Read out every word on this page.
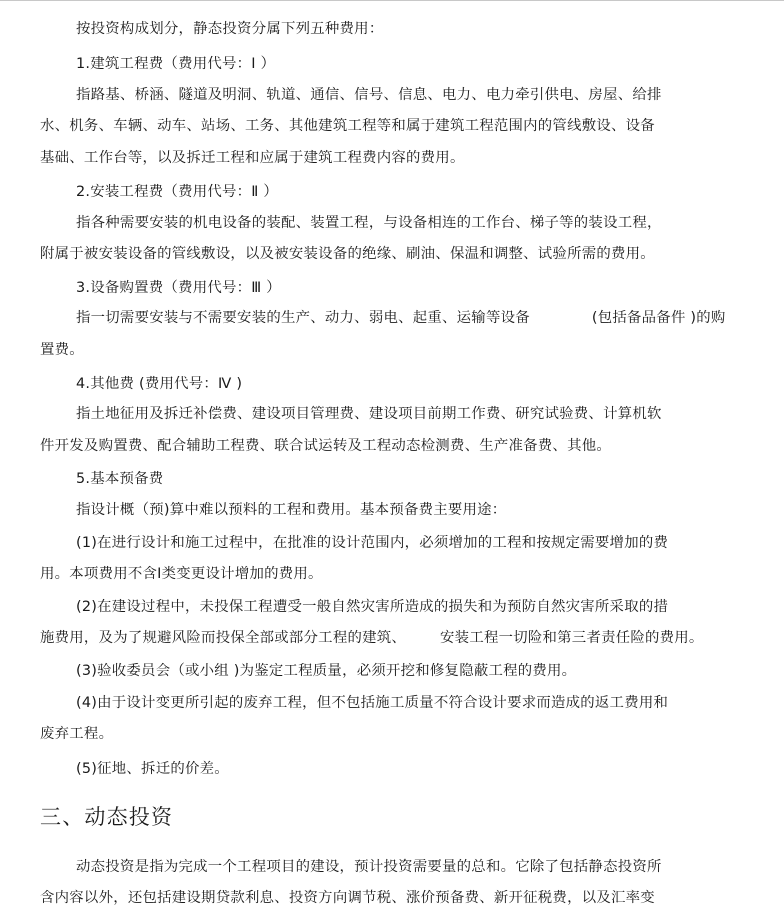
按投资构成划分，静态投资分属下列五种费用：

1.建筑工程费（费用代号：Ⅰ ）

指路基、桥涵、隧道及明洞、轨道、通信、信号、信息、电力、电力牵引供电、房屋、给排

水、机务、车辆、动车、站场、工务、其他建筑工程等和属于建筑工程范围内的管线敷设、设备

基础、工作台等，以及拆迁工程和应属于建筑工程费内容的费用。

2.安装工程费（费用代号：Ⅱ ）

指各种需要安装的机电设备的装配、装置工程，与设备相连的工作台、梯子等的装设工程，

附属于被安装设备的管线敷设，以及被安装设备的绝缘、刷油、保温和调整、试验所需的费用。

3.设备购置费（费用代号：Ⅲ ）

指一切需要安装与不需要安装的生产、动力、弱电、起重、运输等设备	(包括备品备件 )的购

置费。

4.其他费 (费用代号：Ⅳ )

指土地征用及拆迁补偿费、建设项目管理费、建设项目前期工作费、研究试验费、计算机软

件开发及购置费、配合辅助工程费、联合试运转及工程动态检测费、生产准备费、其他。

5.基本预备费

指设计概（预)算中难以预料的工程和费用。基本预备费主要用途：

(1)在进行设计和施工过程中，在批准的设计范围内，必须增加的工程和按规定需要增加的费

用。本项费用不含Ⅰ类变更设计增加的费用。

(2)在建设过程中，未投保工程遭受一般自然灾害所造成的损失和为预防自然灾害所采取的措

施费用，及为了规避风险而投保全部或部分工程的建筑、 安装工程一切险和第三者责任险的费用。

(3)验收委员会（或小组 )为鉴定工程质量，必须开挖和修复隐蔽工程的费用。

(4)由于设计变更所引起的废弃工程，但不包括施工质量不符合设计要求而造成的返工费用和

废弃工程。

(5)征地、拆迁的价差。

三、动态投资

动态投资是指为完成一个工程项目的建设，预计投资需要量的总和。它除了包括静态投资所

含内容以外，还包括建设期贷款利息、投资方向调节税、涨价预备费、新开征税费，以及汇率变
